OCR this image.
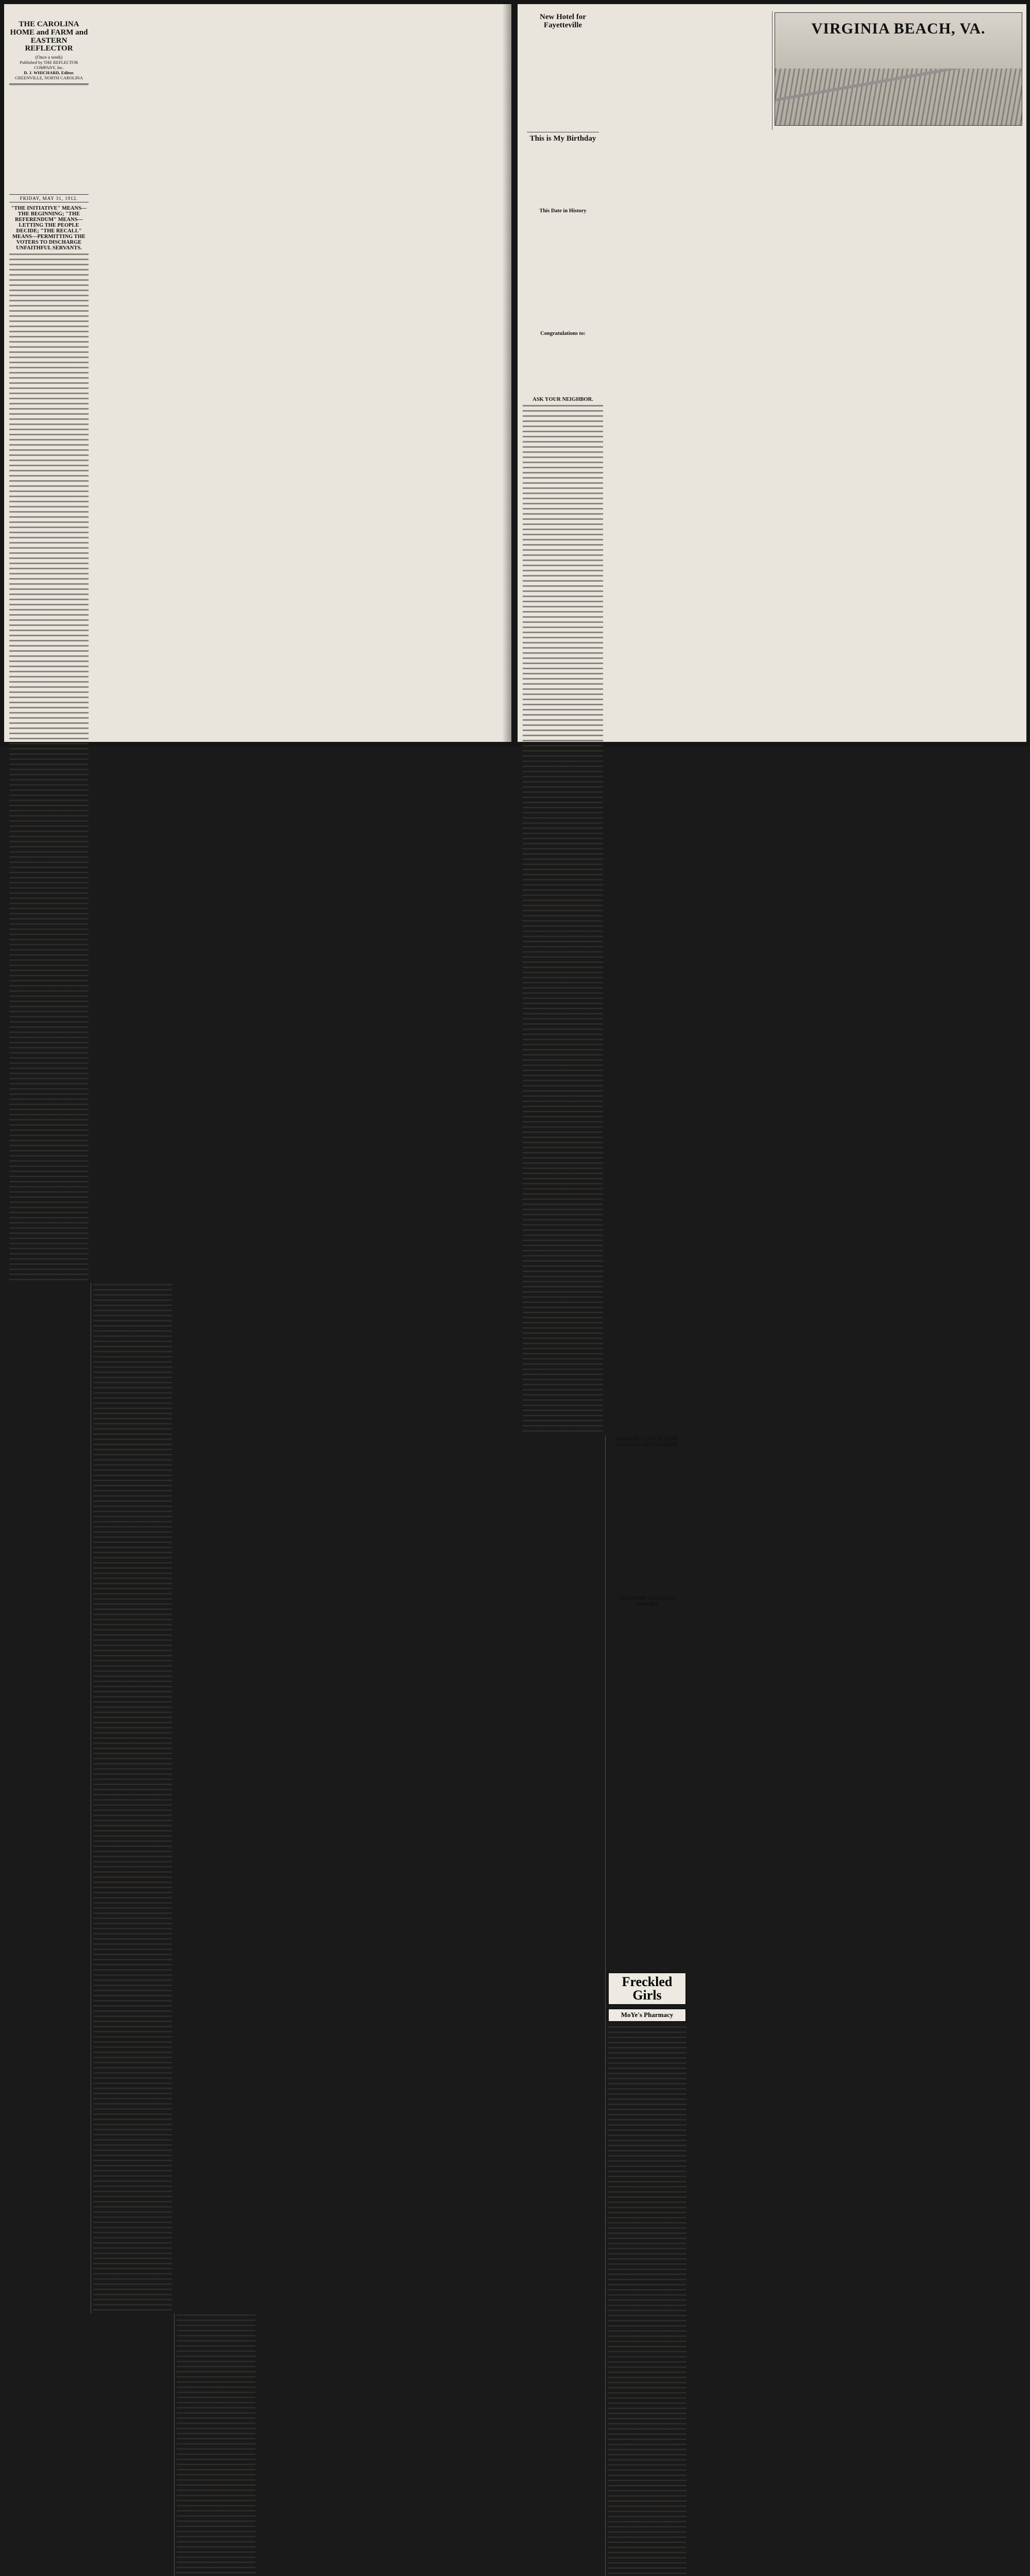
THE CAROLINA HOME and FARM and EASTERN REFLECTOR
(Once a week)
Published by THE REFLECTOR COMPANY, Inc.
D. J. WHICHARD, Editor.
GREENVILLE, NORTH CAROLINA
FRIDAY, MAY 31, 1912.
"THE INITIATIVE" MEANS—THE BEGINNING; "THE REFERENDUM" MEANS—LETTING THE PEOPLE DECIDE; "THE RECALL" MEANS—PERMITTING THE VOTERS TO DISCHARGE UNFAITHFUL SERVANTS.
New Hotel for Fayetteville
This is My Birthday
This Date in History
Congratulations to:
ASK YOUR NEIGHBOR.
DODSON'S LIVER-TONE INSTEAD OF CALOMEL
$25,000,000 Railway for Australia.
Freckled Girls
MoYe's Pharmacy
VIRGINIA BEACH, VA.
